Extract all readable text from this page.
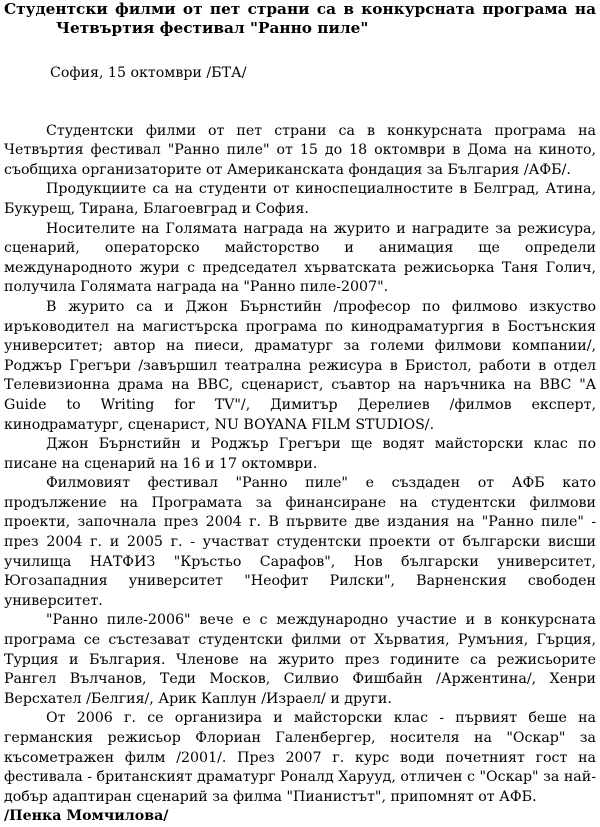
Студентски филми от пет страни са в конкурсната програма на Четвъртия фестивал "Ранно пиле"
София, 15 октомври /БТА/

Студентски филми от пет страни са в конкурсната програма на Четвъртия фестивал "Ранно пиле" от 15 до 18 октомври в Дома на киното, съобщиха организаторите от Американската фондация за България /АФБ/.

Продукциите са на студенти от киноспециалностите в Белград, Атина, Букурещ, Тирана, Благоевград и София.

Носителите на Голямата награда на журито и наградите за режисура, сценарий, операторско майсторство и анимация ще определи международното жури с председател хърватската режисьорка Таня Голич, получила Голямата награда на "Ранно пиле-2007".

В журито са и Джон Бърнстийн /професор по филмово изкуство иръководител на магистърска програма по кинодраматургия в Бостънския университет; автор на пиеси, драматург за големи филмови компании/, Роджър Грегъри /завършил театрална режисура в Бристол, работи в отдел Телевизионна драма на BBC, сценарист, съавтор на наръчника на BBC "A Guide to Writing for TV"/, Димитър Дерелиев /филмов експерт, кинодраматург, сценарист, NU BOYANA FILM STUDIOS/.

Джон Бърнстийн и Роджър Грегъри ще водят майсторски клас по писане на сценарий на 16 и 17 октомври.

Филмовият фестивал "Ранно пиле" е създаден от АФБ като продължение на Програмата за финансиране на студентски филмови проекти, започнала през 2004 г. В първите две издания на "Ранно пиле" - през 2004 г. и 2005 г. - участват студентски проекти от български висши училища НАТФИЗ "Кръстьо Сарафов", Нов български университет, Югозападния университет "Неофит Рилски", Варненския свободен университет.

"Ранно пиле-2006" вече е с международно участие и в конкурсната програма се състезават студентски филми от Хърватия, Румъния, Гърция, Турция и България. Членове на журито през годините са режисьорите Рангел Вълчанов, Теди Москов, Силвио Фишбайн /Аржентина/, Хенри Версхател /Белгия/, Арик Каплун /Израел/ и други.

От 2006 г. се организира и майсторски клас - първият беше на германския режисьор Флориан Галенбергер, носителя на "Оскар" за късометражен филм /2001/. През 2007 г. курс води почетният гост на фестивала - британският драматург Роналд Харууд, отличен с "Оскар" за най-добър адаптиран сценарий за филма "Пианистът", припомнят от АФБ.

/Пенка Момчилова/
